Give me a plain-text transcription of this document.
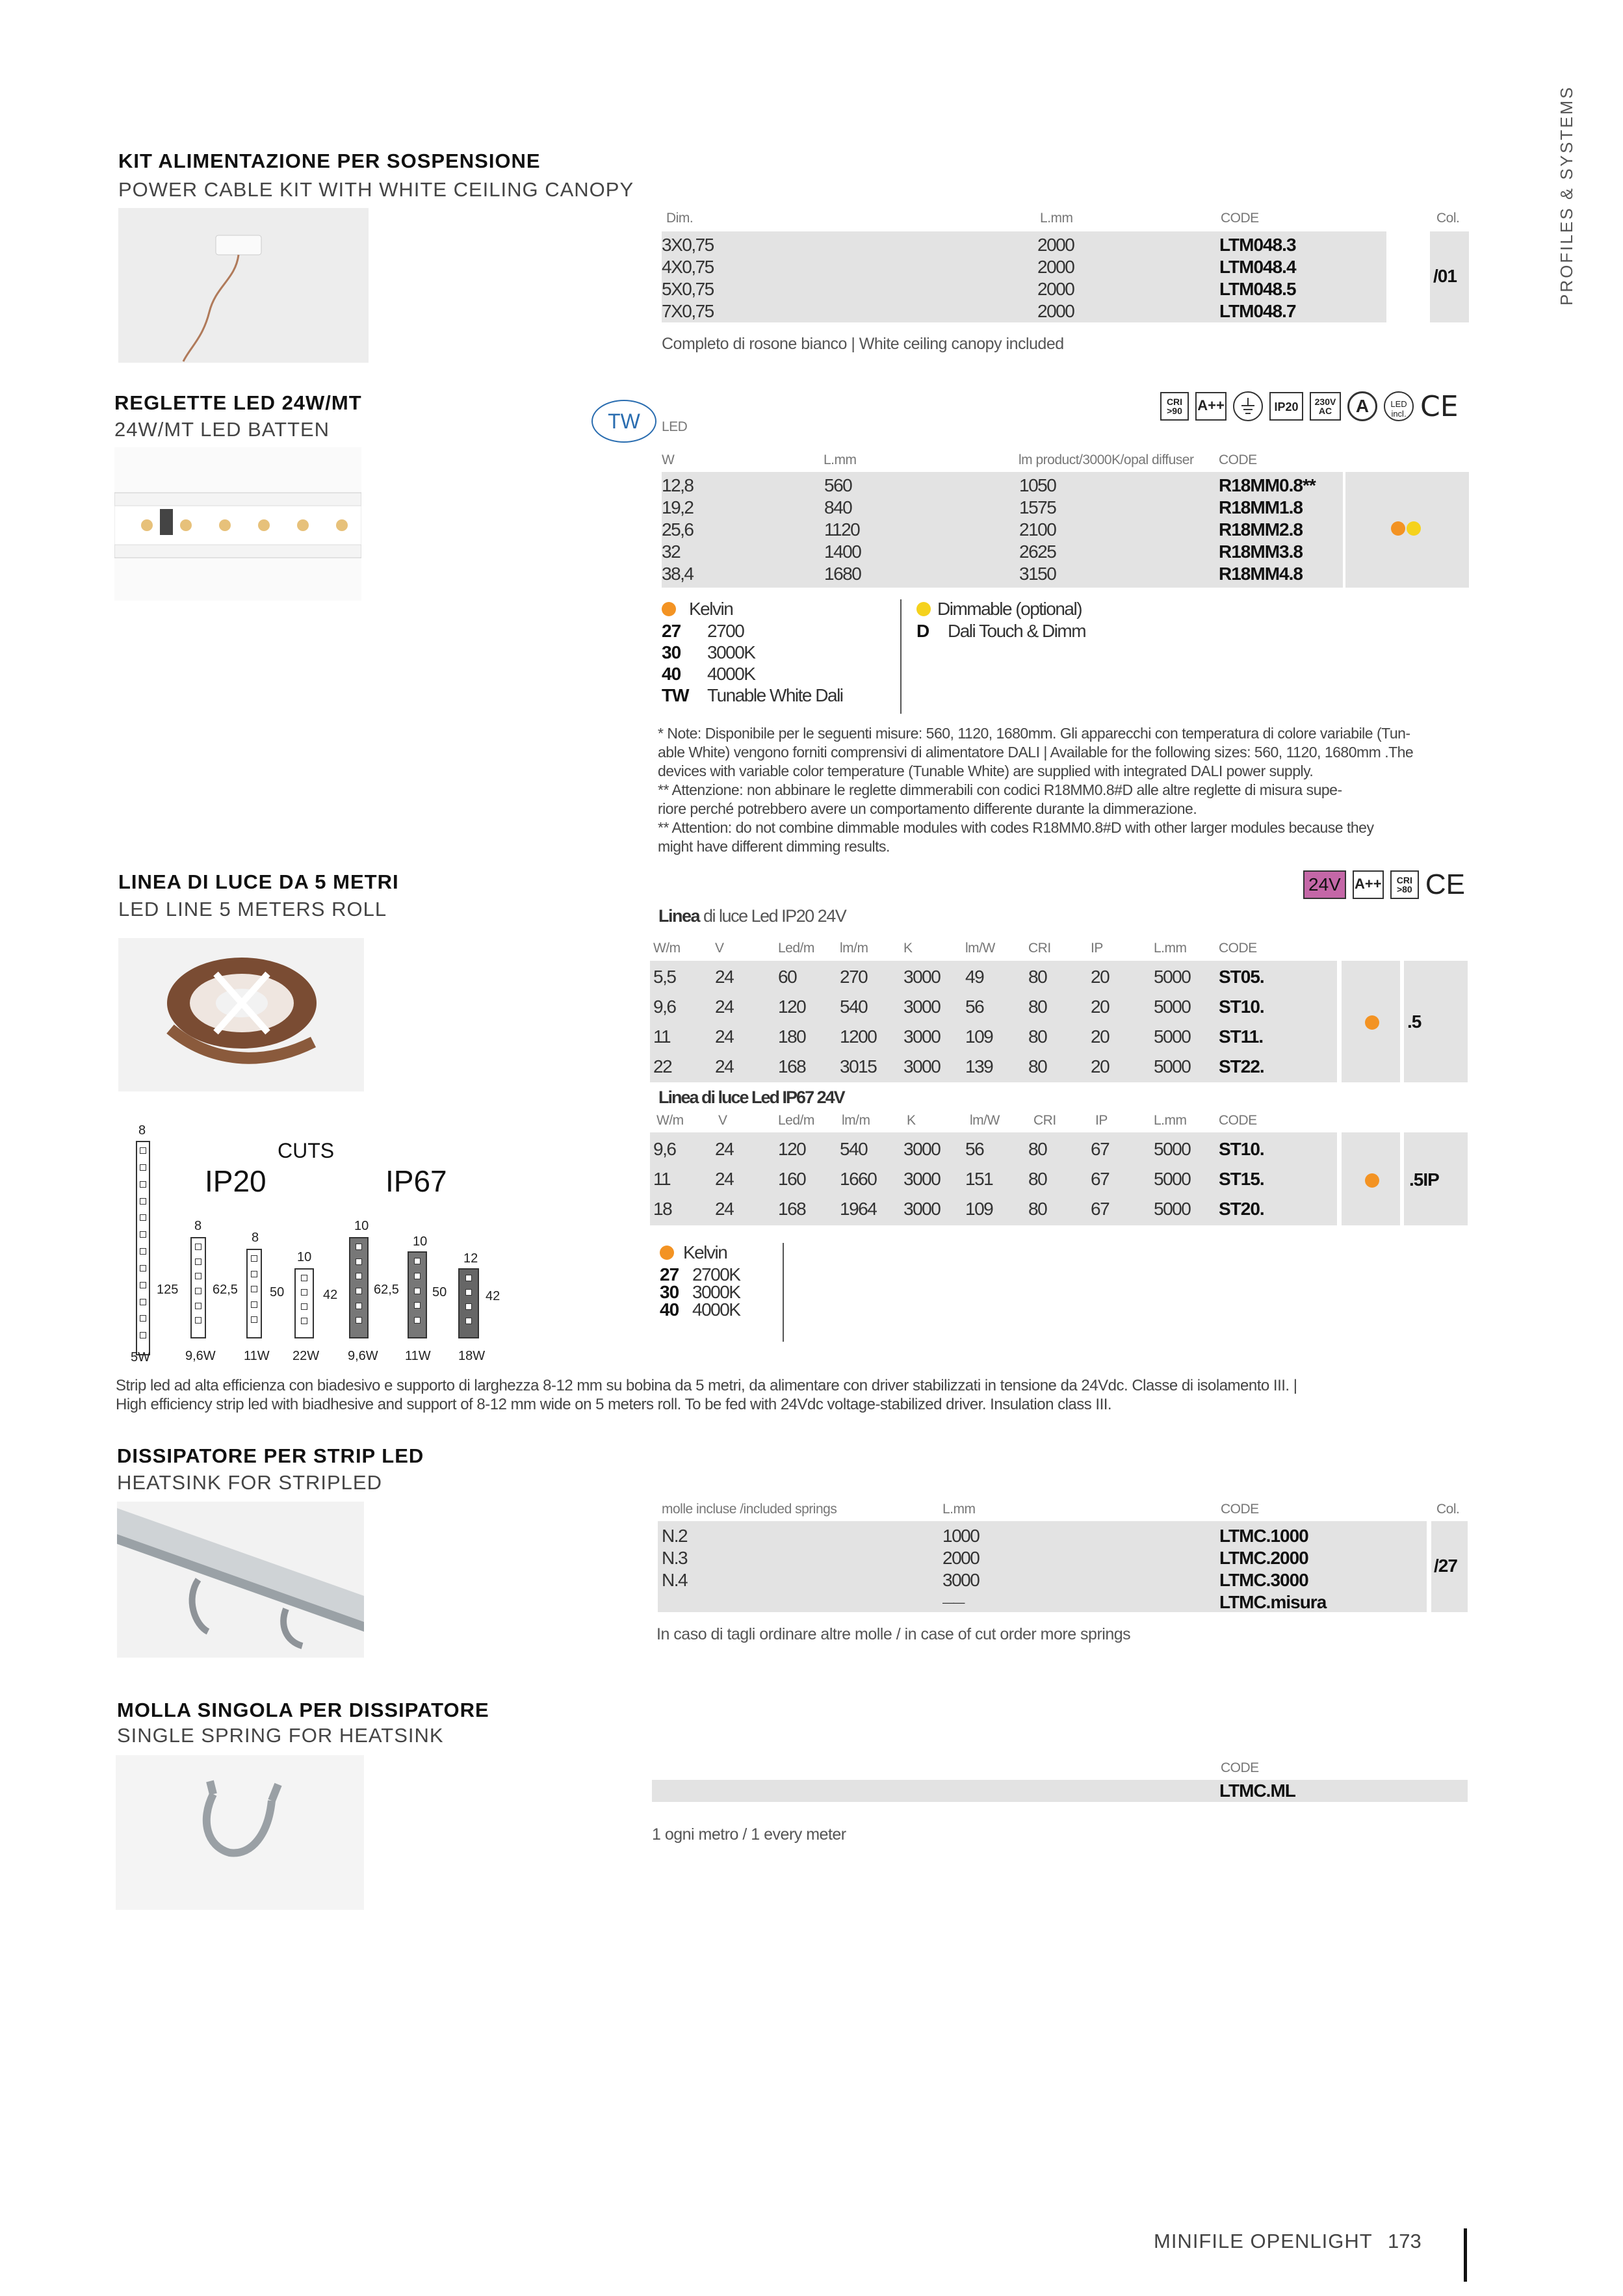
PROFILES & SYSTEMS
KIT ALIMENTAZIONE PER SOSPENSIONE
POWER CABLE KIT WITH WHITE CEILING CANOPY
Dim.	L.mm	CODE	Col.
3X0,75	2000	LTM048.3
4X0,75	2000	LTM048.4
5X0,75	2000	LTM048.5
7X0,75	2000	LTM048.7
/01
Completo di rosone bianco | White ceiling canopy included
REGLETTE LED 24W/MT
24W/MT LED BATTEN	TW	LED
CRI >90	A++	IP20	230V AC	A	LED incl. CE
W	L.mm	lm product/3000K/opal diffuser CODE
12,8	560	1050	R18MM0.8**
19,2	840	1575	R18MM1.8
25,6	1120	2100	R18MM2.8
32	1400	2625	R18MM3.8
38,4	1680	3150	R18MM4.8
Kelvin
27 2700
30 3000K
40 4000K
TW Tunable White Dali
Dimmable (optional)
D Dali Touch & Dimm
* Note: Disponibile per le seguenti misure: 560, 1120, 1680mm. Gli apparecchi con temperatura di colore variabile (Tun-
able White) vengono forniti comprensivi di alimentatore DALI | Available for the following sizes: 560, 1120, 1680mm .The
devices with variable color temperature (Tunable White) are supplied with integrated DALI power supply.
** Attenzione: non abbinare le reglette dimmerabili con codici R18MM0.8#D alle altre reglette di misura supe-
riore perché potrebbero avere un comportamento differente durante la dimmerazione.
** Attention: do not combine dimmable modules with codes R18MM0.8#D with other larger modules because they
might have different dimming results.
LINEA DI LUCE DA 5 METRI
LED LINE 5 METERS ROLL
24V A++	CRI >80 CE
Linea di luce Led IP20 24V
W/m	V	Led/m lm/m	K	lm/W CRI	IP	L.mm CODE
5,5 24 60 270 3000 49 80 20 5000 ST05.
9,6 24 120 540 3000 56 80 20 5000 ST10.
11 24 180 1200 3000 109 80 20 5000 ST11.
22 24 168 3015 3000 139 80 20 5000 ST22.
.5
Linea di luce Led IP67 24V
W/m	V	Led/m lm/m	K	lm/W CRI	IP	L.mm CODE
9,6 24 120 540 3000 56 80 67 5000 ST10.
11 24 160 1660 3000 151 80 67 5000 ST15.
18 24 168 1964 3000 109 80 67 5000 ST20.
.5IP
Kelvin
27 2700K
30 3000K
40 4000K
CUTS
IP20	IP67
8
125
5W
8
62,5
9,6W
8
50
11W
10
42
22W
10
62,5
9,6W
10
50
11W
12
42
18W
Strip led ad alta efficienza con biadesivo e supporto di larghezza 8-12 mm su bobina da 5 metri, da alimentare con driver stabilizzati in tensione da 24Vdc. Classe di isolamento III. |
High efficiency strip led with biadhesive and support of 8-12 mm wide on 5 meters roll. To be fed with 24Vdc voltage-stabilized driver. Insulation class III.
DISSIPATORE PER STRIP LED
HEATSINK FOR STRIPLED
molle incluse /included springs	L.mm	CODE	Col.
N.2	1000	LTMC.1000
N.3	2000	LTMC.2000
N.4	3000	LTMC.3000
——	LTMC.misura
/27
In caso di tagli ordinare altre molle / in case of cut order more springs
MOLLA SINGOLA PER DISSIPATORE
SINGLE SPRING FOR HEATSINK
CODE
LTMC.ML
1 ogni metro / 1 every meter
MINIFILE OPENLIGHT 173
